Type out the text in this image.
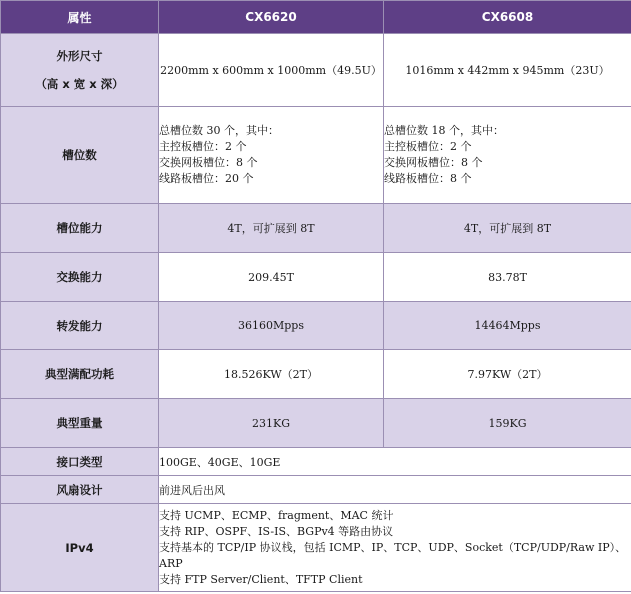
属性	CX6620	CX6608

外形尺寸
（高 x 宽 x 深）	2200mm x 600mm x 1000mm（49.5U）	1016mm x 442mm x 945mm（23U）
槽位数	总槽位数 30 个，其中：
主控板槽位：2 个
交换网板槽位：8 个
线路板槽位：20 个	总槽位数 18 个，其中：
主控板槽位：2 个
交换网板槽位：8 个
线路板槽位：8 个

槽位能力	4T，可扩展到 8T	4T，可扩展到 8T
交换能力	209.45T	83.78T
转发能力	36160Mpps	14464Mpps
典型满配功耗	18.526KW（2T）	7.97KW（2T）
典型重量	231KG	159KG
接口类型	100GE、40GE、10GE	
风扇设计	前进风后出风	
IPv4	支持 UCMP、ECMP、fragment、MAC 统计
支持 RIP、OSPF、IS-IS、BGPv4 等路由协议
支持基本的 TCP/IP 协议栈，包括 ICMP、IP、TCP、UDP、Socket（TCP/UDP/Raw IP）、
ARP
支持 FTP Server/Client、TFTP Client	
